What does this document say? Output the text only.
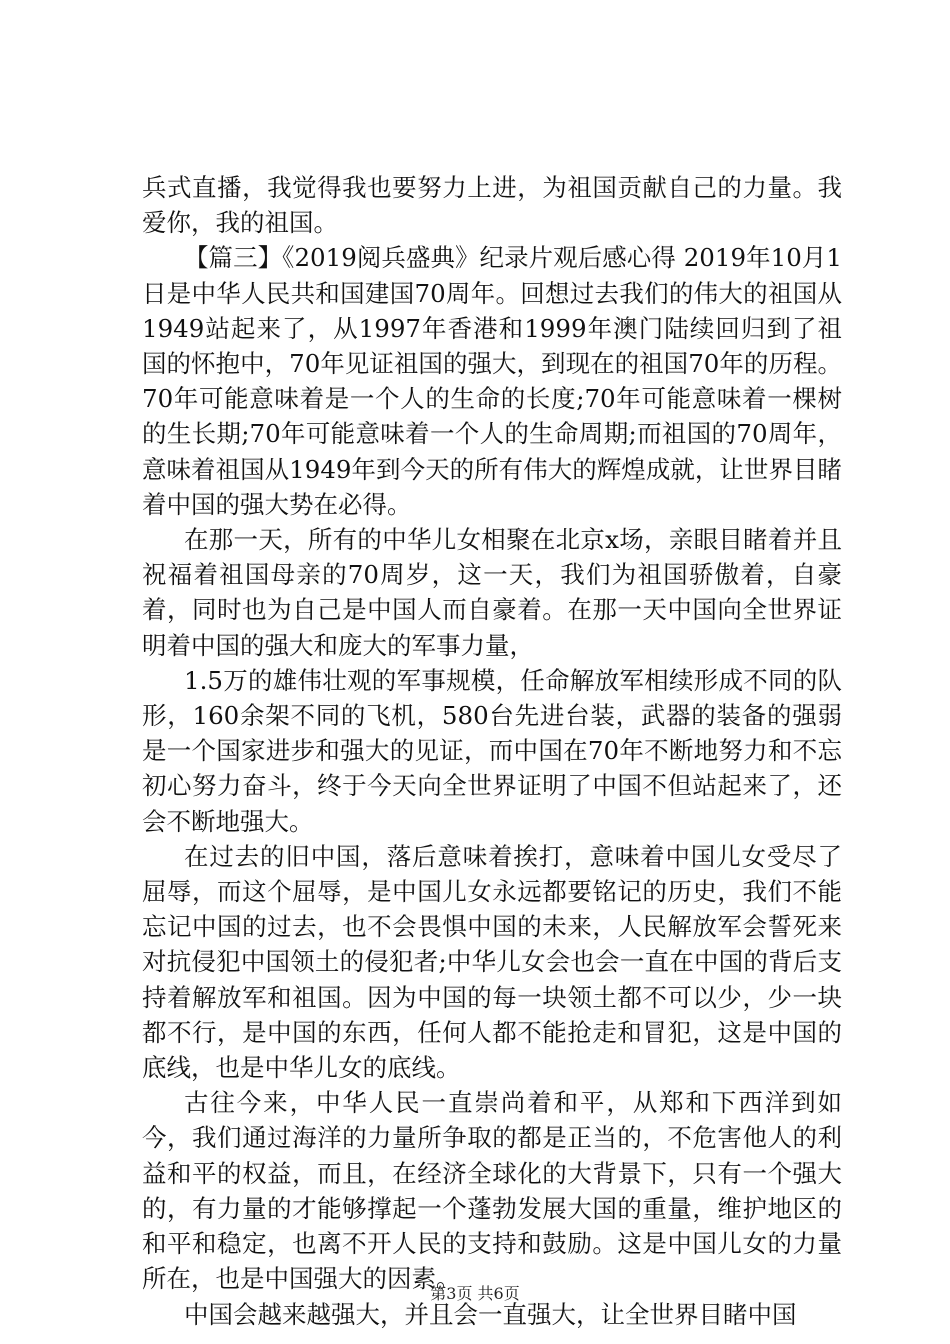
兵式直播，我觉得我也要努力上进，为祖国贡献自己的力量。我爱你，我的祖国。

【篇三】《2019阅兵盛典》纪录片观后感心得 2019年10月1日是中华人民共和国建国70周年。回想过去我们的伟大的祖国从1949站起来了，从1997年香港和1999年澳门陆续回归到了祖国的怀抱中，70年见证祖国的强大，到现在的祖国70年的历程。70年可能意味着是一个人的生命的长度;70年可能意味着一棵树的生长期;70年可能意味着一个人的生命周期;而祖国的70周年，意味着祖国从1949年到今天的所有伟大的辉煌成就，让世界目睹着中国的强大势在必得。

在那一天，所有的中华儿女相聚在北京x场，亲眼目睹着并且祝福着祖国母亲的70周岁，这一天，我们为祖国骄傲着，自豪着，同时也为自己是中国人而自豪着。在那一天中国向全世界证明着中国的强大和庞大的军事力量，

1.5万的雄伟壮观的军事规模，任命解放军相续形成不同的队形，160余架不同的飞机，580台先进台装，武器的装备的强弱是一个国家进步和强大的见证，而中国在70年不断地努力和不忘初心努力奋斗，终于今天向全世界证明了中国不但站起来了，还会不断地强大。

在过去的旧中国，落后意味着挨打，意味着中国儿女受尽了屈辱，而这个屈辱，是中国儿女永远都要铭记的历史，我们不能忘记中国的过去，也不会畏惧中国的未来，人民解放军会誓死来对抗侵犯中国领土的侵犯者;中华儿女会也会一直在中国的背后支持着解放军和祖国。因为中国的每一块领土都不可以少，少一块都不行，是中国的东西，任何人都不能抢走和冒犯，这是中国的底线，也是中华儿女的底线。

古往今来，中华人民一直崇尚着和平，从郑和下西洋到如今，我们通过海洋的力量所争取的都是正当的，不危害他人的利益和平的权益，而且，在经济全球化的大背景下，只有一个强大的，有力量的才能够撑起一个蓬勃发展大国的重量，维护地区的和平和稳定，也离不开人民的支持和鼓励。这是中国儿女的力量所在，也是中国强大的因素。

中国会越来越强大，并且会一直强大，让全世界目睹中国

第3页 共6页
